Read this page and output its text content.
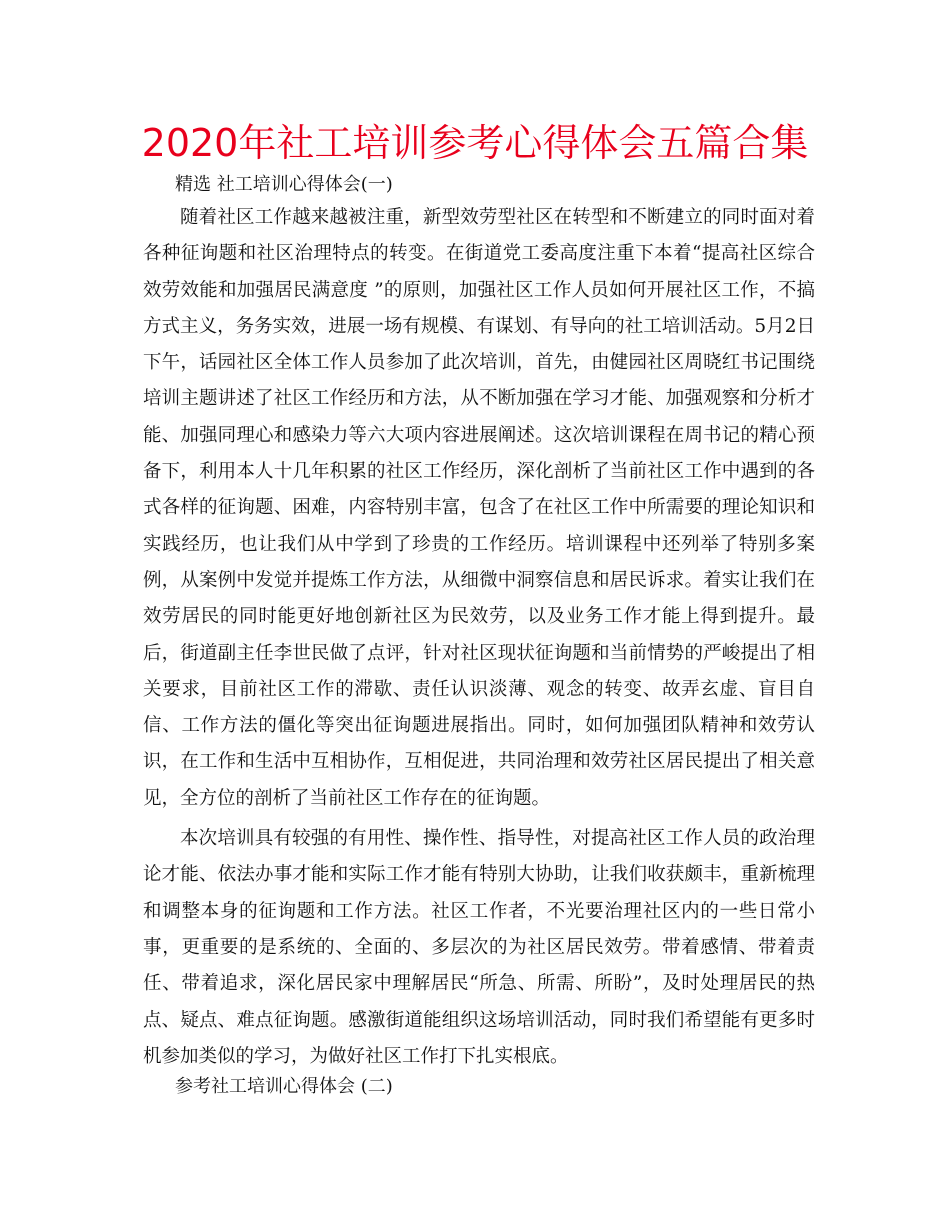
2020年社工培训参考心得体会五篇合集

精选 社工培训心得体会(一)

随着社区工作越来越被注重，新型效劳型社区在转型和不断建立的同时面对着各种征询题和社区治理特点的转变。在街道党工委高度注重下本着“提高社区综合效劳效能和加强居民满意度 ”的原则，加强社区工作人员如何开展社区工作，不搞方式主义，务务实效，进展一场有规模、有谋划、有导向的社工培训活动。5月2日下午，话园社区全体工作人员参加了此次培训，首先，由健园社区周晓红书记围绕培训主题讲述了社区工作经历和方法，从不断加强在学习才能、加强观察和分析才能、加强同理心和感染力等六大项内容进展阐述。这次培训课程在周书记的精心预备下，利用本人十几年积累的社区工作经历，深化剖析了当前社区工作中遇到的各式各样的征询题、困难，内容特别丰富，包含了在社区工作中所需要的理论知识和实践经历，也让我们从中学到了珍贵的工作经历。培训课程中还列举了特别多案例，从案例中发觉并提炼工作方法，从细微中洞察信息和居民诉求。着实让我们在效劳居民的同时能更好地创新社区为民效劳，以及业务工作才能上得到提升。最后，街道副主任李世民做了点评，针对社区现状征询题和当前情势的严峻提出了相关要求，目前社区工作的滞歇、责任认识淡薄、观念的转变、故弄玄虚、盲目自信、工作方法的僵化等突出征询题进展指出。同时，如何加强团队精神和效劳认识，在工作和生活中互相协作，互相促进，共同治理和效劳社区居民提出了相关意见，全方位的剖析了当前社区工作存在的征询题。

本次培训具有较强的有用性、操作性、指导性，对提高社区工作人员的政治理论才能、依法办事才能和实际工作才能有特别大协助，让我们收获颇丰，重新梳理和调整本身的征询题和工作方法。社区工作者，不光要治理社区内的一些日常小事，更重要的是系统的、全面的、多层次的为社区居民效劳。带着感情、带着责任、带着追求，深化居民家中理解居民“所急、所需、所盼”，及时处理居民的热点、疑点、难点征询题。感激街道能组织这场培训活动，同时我们希望能有更多时机参加类似的学习，为做好社区工作打下扎实根底。

参考社工培训心得体会 (二)
